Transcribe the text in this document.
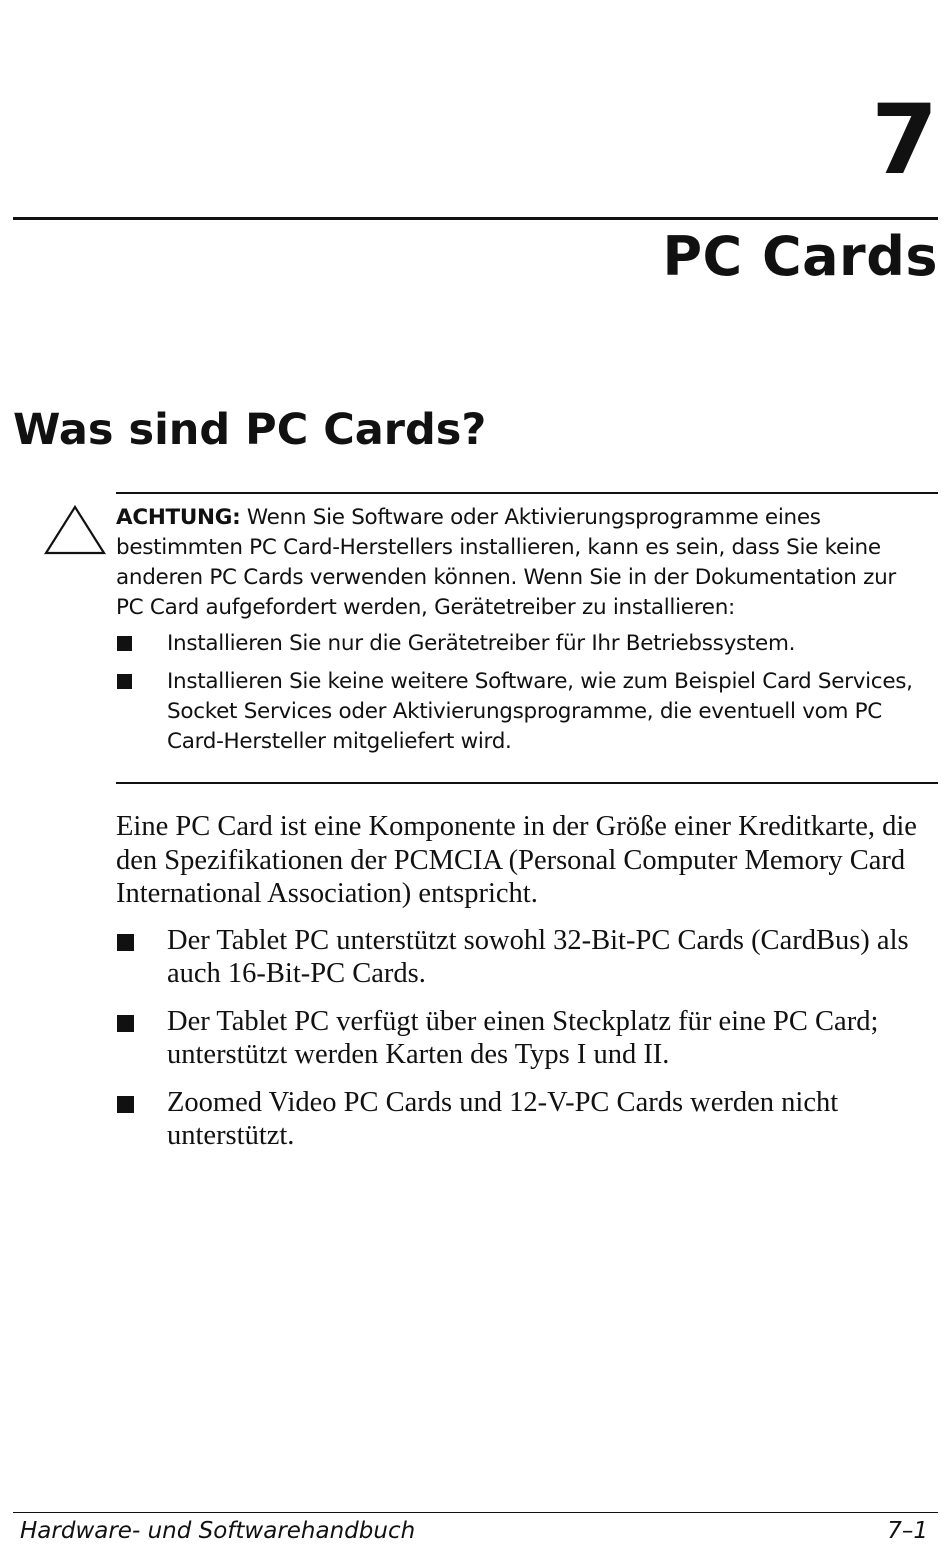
7
PC Cards
Was sind PC Cards?

ACHTUNG: Wenn Sie Software oder Aktivierungsprogramme eines bestimmten PC Card-Herstellers installieren, kann es sein, dass Sie keine anderen PC Cards verwenden können. Wenn Sie in der Dokumentation zur PC Card aufgefordert werden, Gerätetreiber zu installieren:

Installieren Sie nur die Gerätetreiber für Ihr Betriebssystem.
Installieren Sie keine weitere Software, wie zum Beispiel Card Services, Socket Services oder Aktivierungsprogramme, die eventuell vom PC Card-Hersteller mitgeliefert wird.

Eine PC Card ist eine Komponente in der Größe einer Kreditkarte, die den Spezifikationen der PCMCIA (Personal Computer Memory Card International Association) entspricht.

Der Tablet PC unterstützt sowohl 32-Bit-PC Cards (CardBus) als auch 16-Bit-PC Cards.
Der Tablet PC verfügt über einen Steckplatz für eine PC Card; unterstützt werden Karten des Typs I und II.
Zoomed Video PC Cards und 12-V-PC Cards werden nicht unterstützt.
Hardware- und Softwarehandbuch	7–1
